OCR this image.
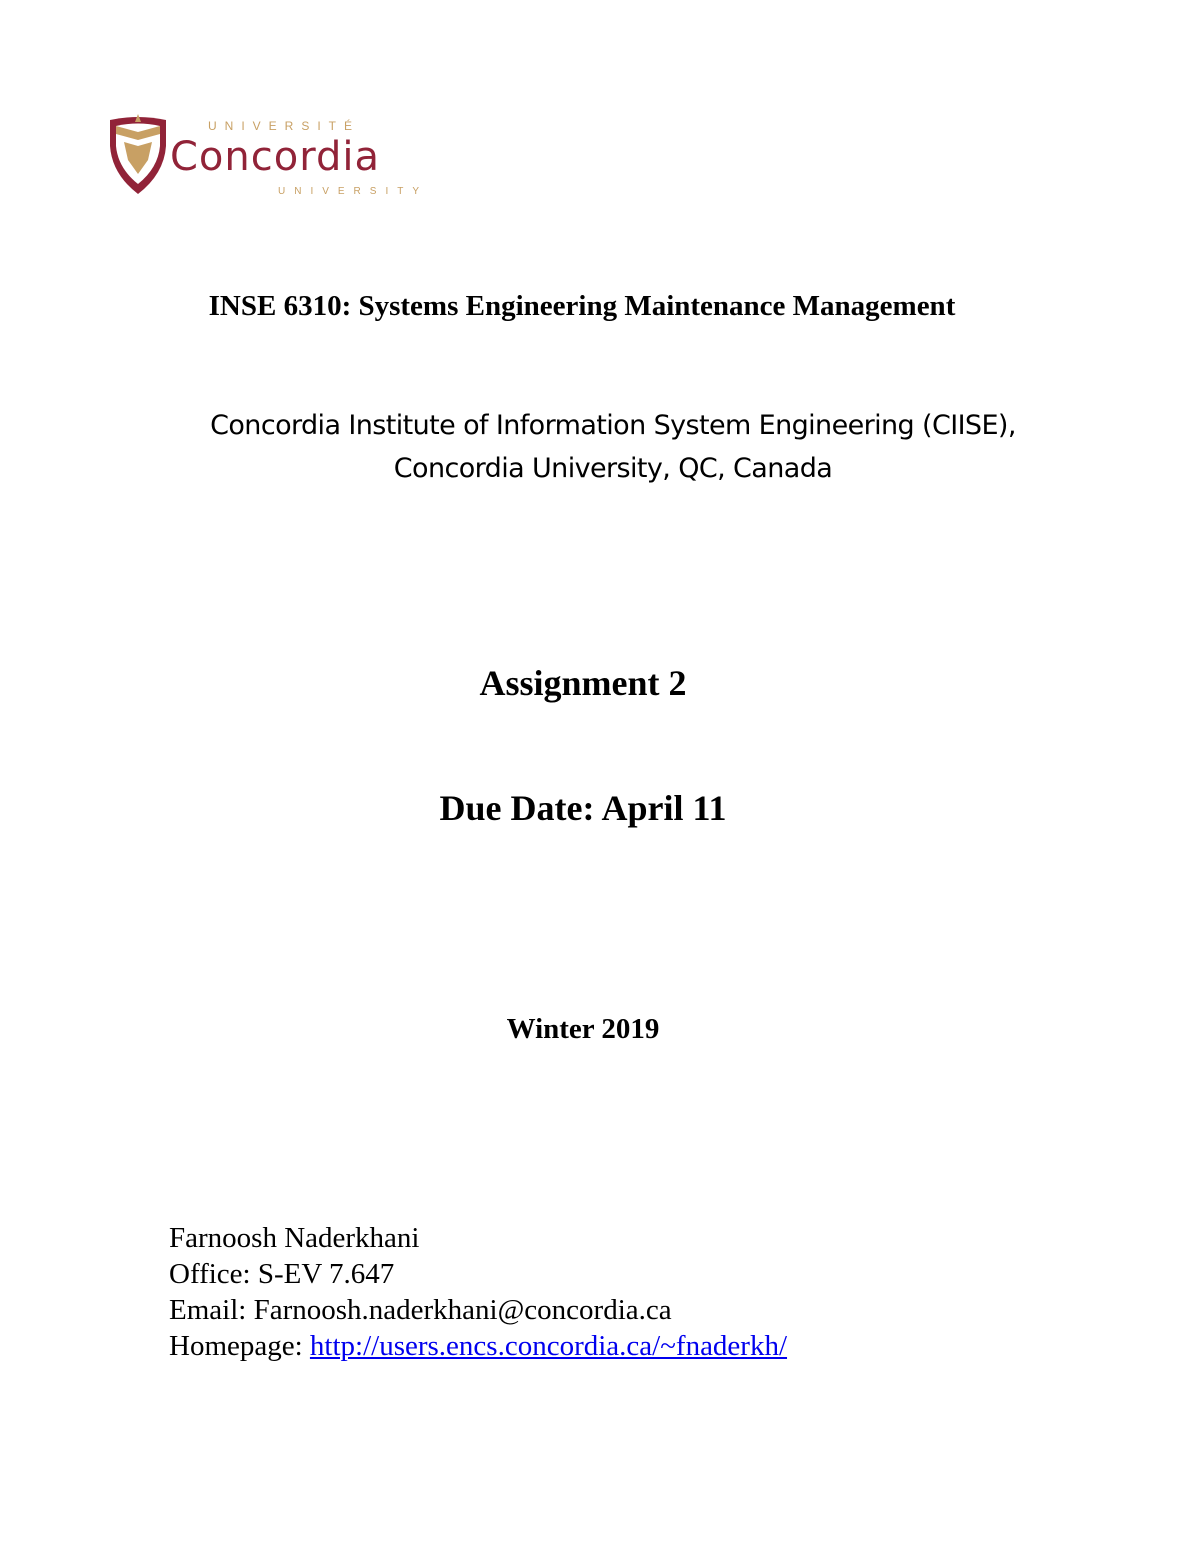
UNIVERSITÉ
Concordia
UNIVERSITY
INSE 6310: Systems Engineering Maintenance Management
Concordia Institute of Information System Engineering (CIISE),
Concordia University, QC, Canada
Assignment 2
Due Date: April 11
Winter 2019
Farnoosh Naderkhani
Office: S-EV 7.647
Email: Farnoosh.naderkhani@concordia.ca
Homepage: http://users.encs.concordia.ca/~fnaderkh/
